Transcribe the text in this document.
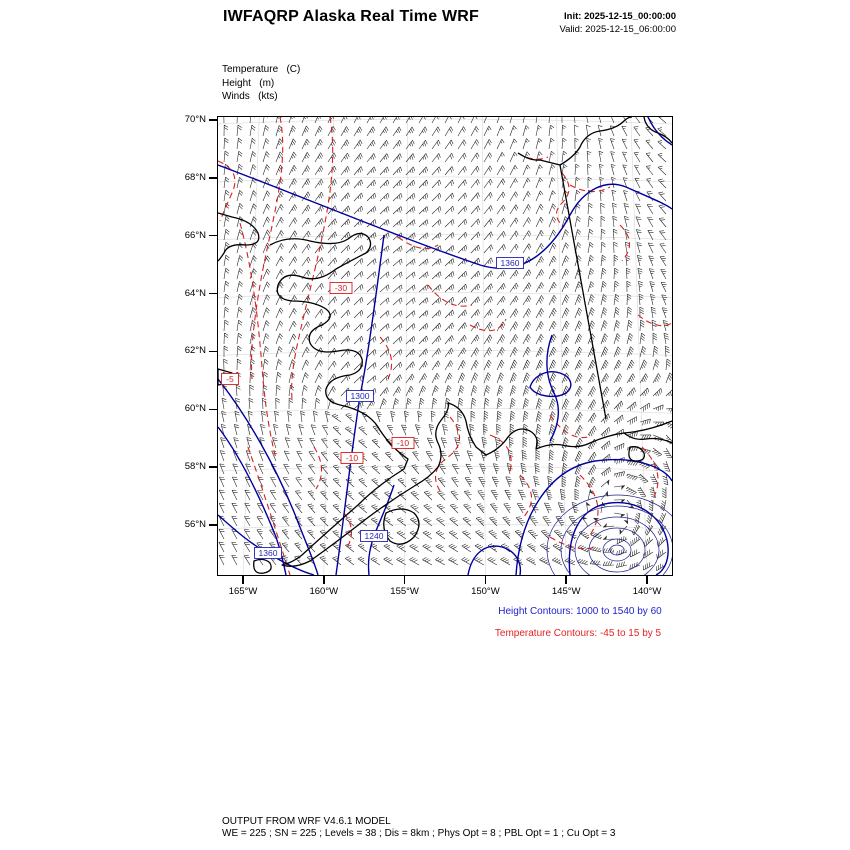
IWFAQRP Alaska Real Time WRF	Init: 2025-12-15_00:00:00
Valid: 2025-12-15_06:00:00
Temperature   (C)
Height   (m)
Winds   (kts)
1360
1300
1240
1360
-30
-5
-10
-10
70°N
68°N
66°N
64°N
62°N
60°N
58°N
56°N
165°W	160°W	155°W	150°W	145°W	140°W
Height Contours: 1000 to 1540 by 60
Temperature Contours: -45 to 15 by 5
OUTPUT FROM WRF V4.6.1 MODEL
WE = 225 ; SN = 225 ; Levels = 38 ; Dis = 8km ; Phys Opt = 8 ; PBL Opt = 1 ; Cu Opt = 3
